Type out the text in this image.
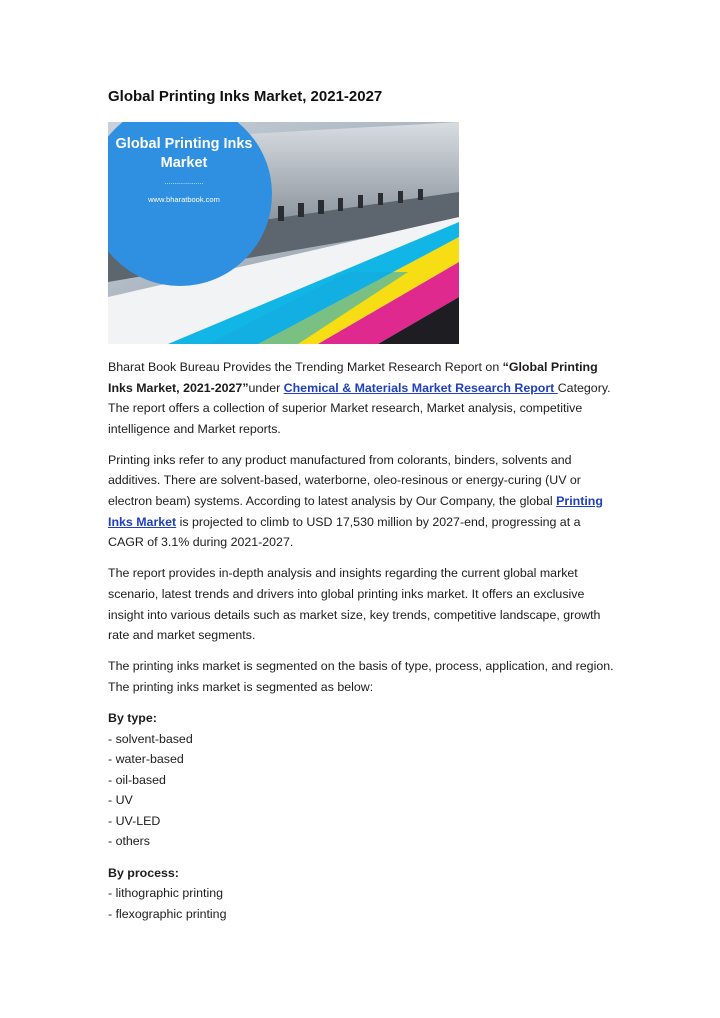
Global Printing Inks Market, 2021-2027
Global Printing Inks
Market
....................
www.bharatbook.com

Bharat Book Bureau Provides the Trending Market Research Report on “Global Printing Inks Market, 2021-2027”under Chemical & Materials Market Research Report Category. The report offers a collection of superior Market research, Market analysis, competitive intelligence and Market reports.

Printing inks refer to any product manufactured from colorants, binders, solvents and additives. There are solvent-based, waterborne, oleo-resinous or energy-curing (UV or electron beam) systems. According to latest analysis by Our Company, the global Printing Inks Market is projected to climb to USD 17,530 million by 2027-end, progressing at a CAGR of 3.1% during 2021-2027.

The report provides in-depth analysis and insights regarding the current global market scenario, latest trends and drivers into global printing inks market. It offers an exclusive insight into various details such as market size, key trends, competitive landscape, growth rate and market segments.

The printing inks market is segmented on the basis of type, process, application, and region. The printing inks market is segmented as below:

By type:
- solvent-based
- water-based
- oil-based
- UV
- UV-LED
- others
By process:
- lithographic printing
- flexographic printing
